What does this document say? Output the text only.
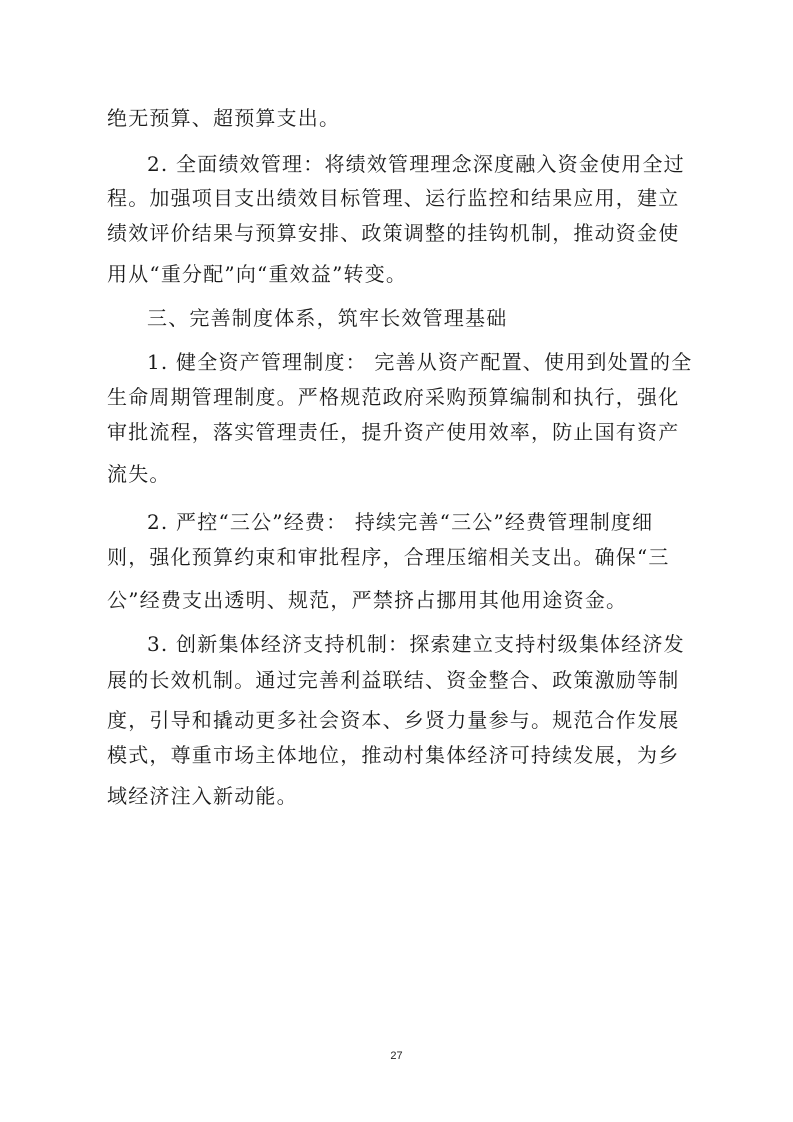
绝无预算、超预算支出。
2. 全面绩效管理：将绩效管理理念深度融入资金使用全过
程。加强项目支出绩效目标管理、运行监控和结果应用，建立
绩效评价结果与预算安排、政策调整的挂钩机制，推动资金使
用从“重分配”向“重效益”转变。
三、完善制度体系，筑牢长效管理基础
1. 健全资产管理制度： 完善从资产配置、使用到处置的全
生命周期管理制度。严格规范政府采购预算编制和执行，强化
审批流程，落实管理责任，提升资产使用效率，防止国有资产
流失。
2. 严控“三公”经费： 持续完善“三公”经费管理制度细
则，强化预算约束和审批程序，合理压缩相关支出。确保“三
公”经费支出透明、规范，严禁挤占挪用其他用途资金。
3. 创新集体经济支持机制：探索建立支持村级集体经济发
展的长效机制。通过完善利益联结、资金整合、政策激励等制
度，引导和撬动更多社会资本、乡贤力量参与。规范合作发展
模式，尊重市场主体地位，推动村集体经济可持续发展，为乡
域经济注入新动能。
27
